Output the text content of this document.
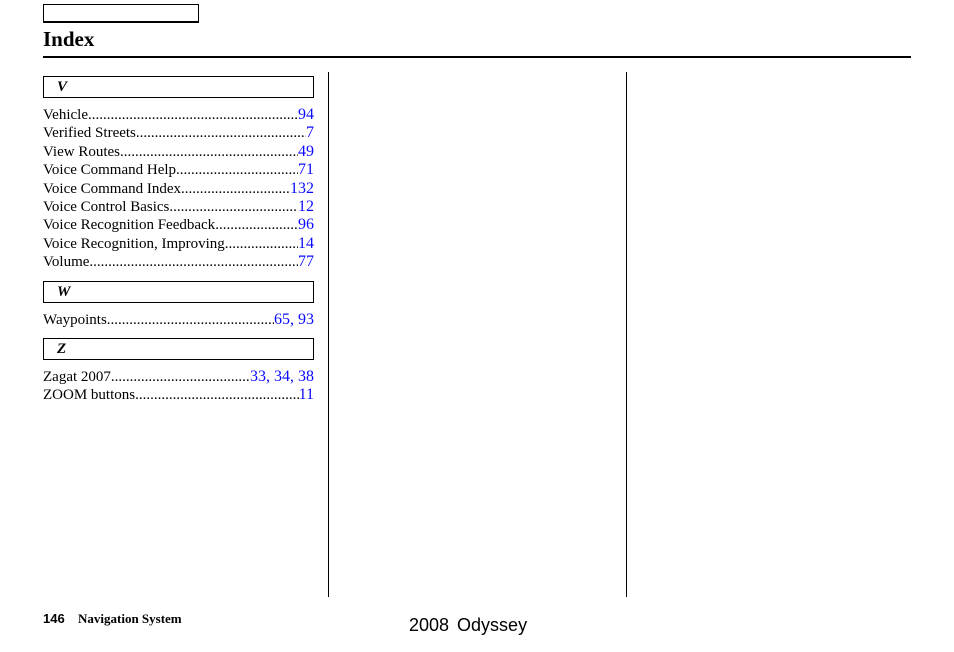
Index
V
Vehicle .....	94
Verified Streets .....	7
View Routes .....	49
Voice Command Help .....	71
Voice Command Index .....	132
Voice Control Basics .....	12
Voice Recognition Feedback .....	96
Voice Recognition, Improving .....	14
Volume .....	77
W
Waypoints .....	65, 93
Z
Zagat 2007 .....	33, 34, 38
ZOOM buttons .....	11
146 Navigation System	2008 Odyssey
